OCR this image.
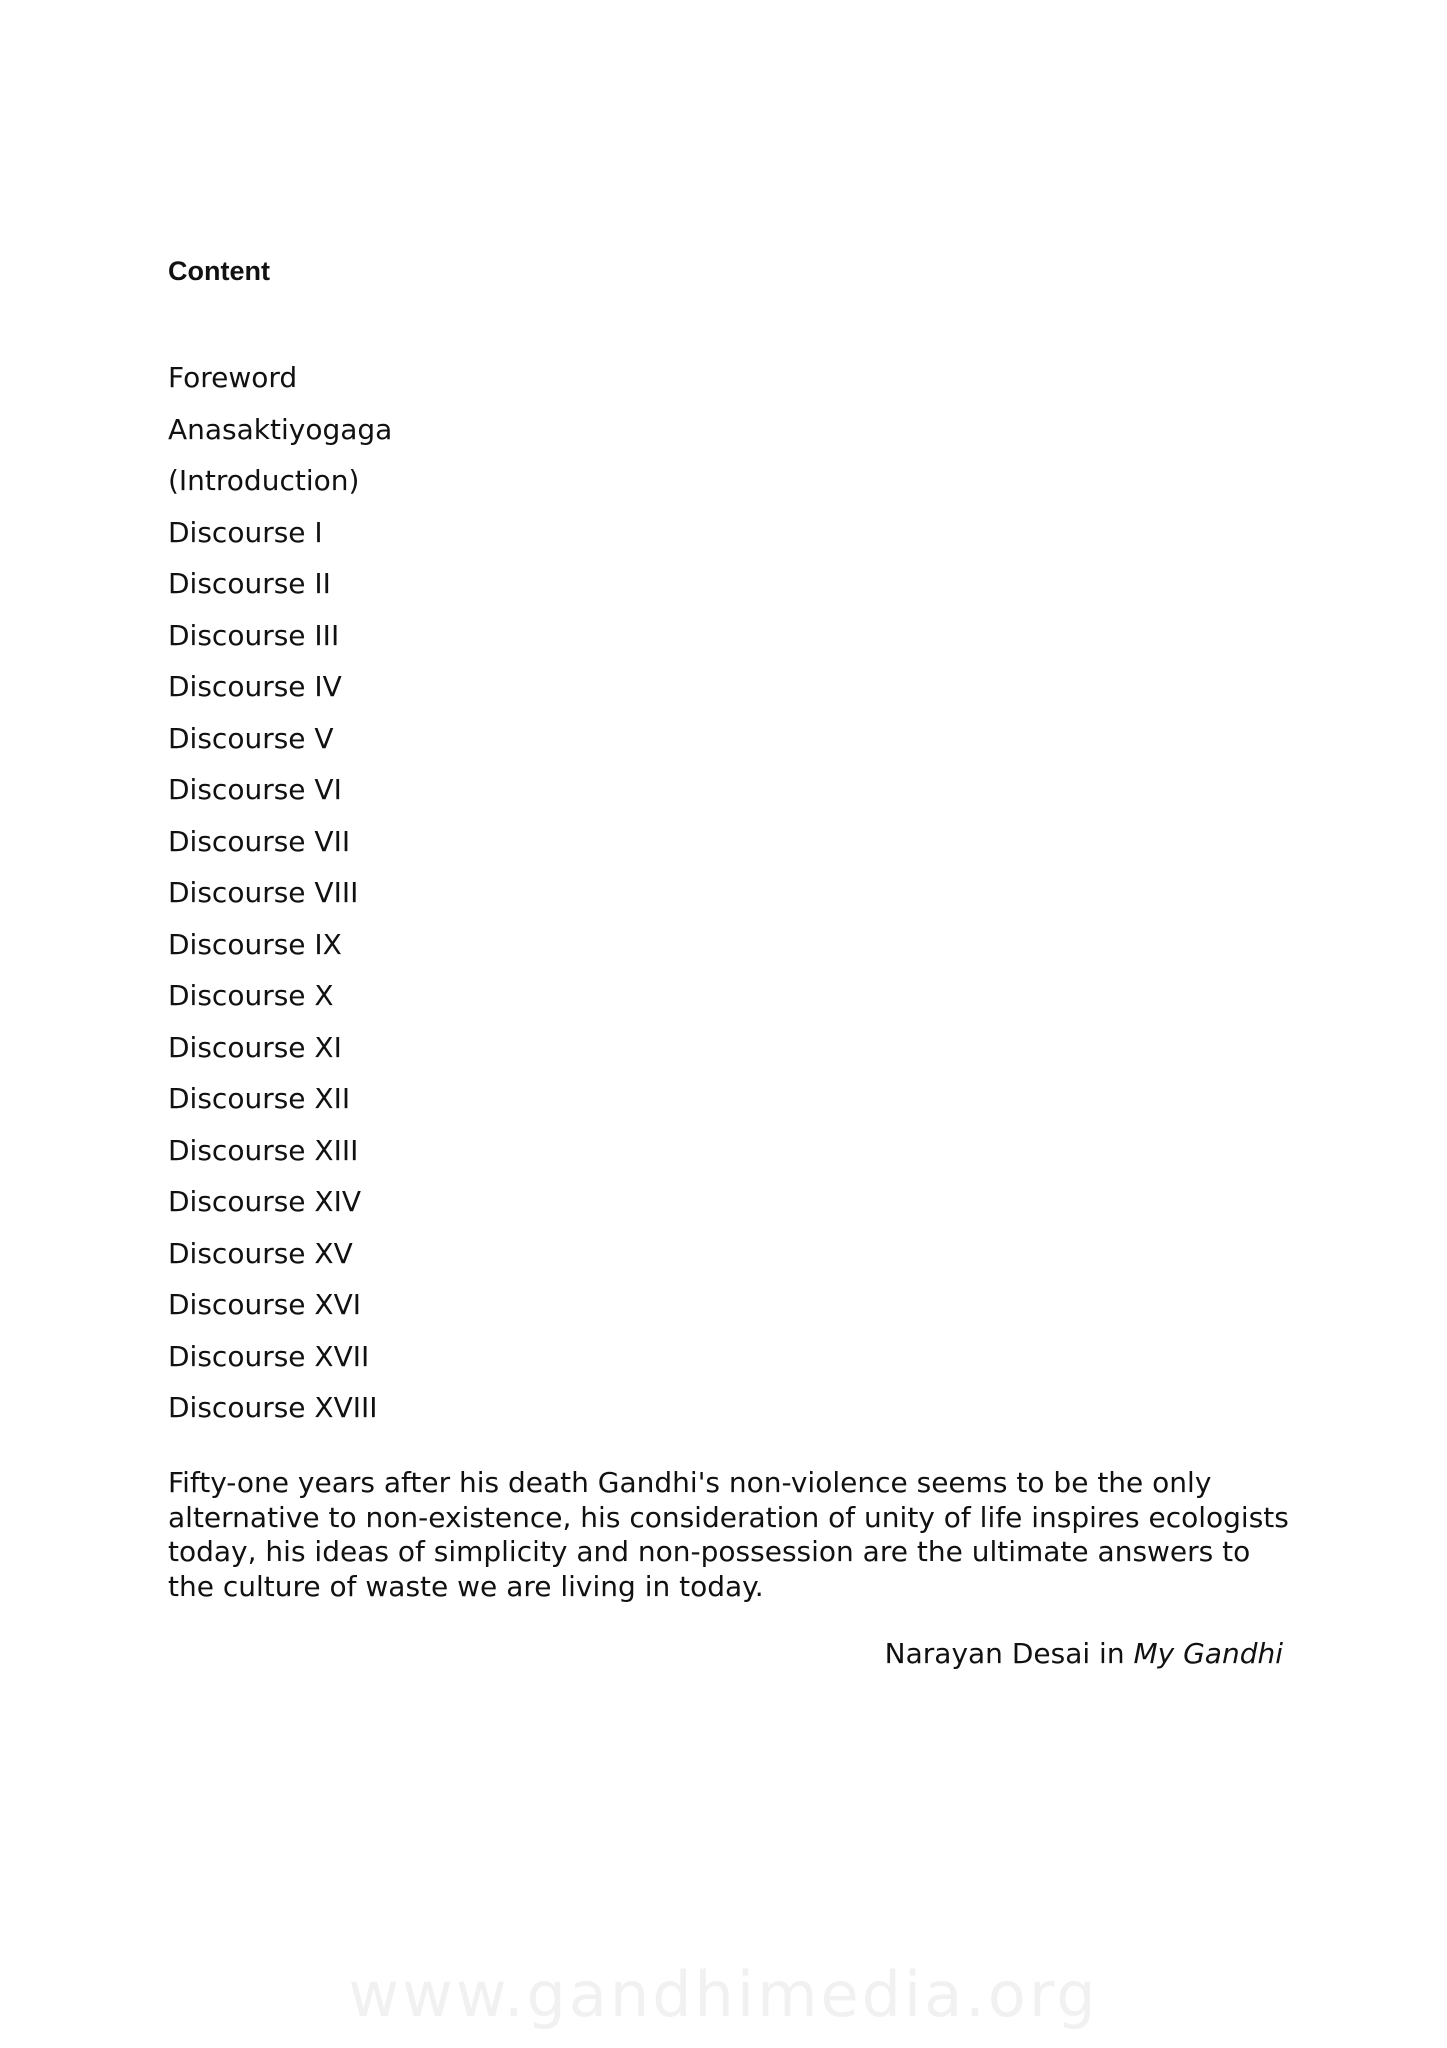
Content
Foreword
Anasaktiyogaga
(Introduction)
Discourse I
Discourse II
Discourse III
Discourse IV
Discourse V
Discourse VI
Discourse VII
Discourse VIII
Discourse IX
Discourse X
Discourse XI
Discourse XII
Discourse XIII
Discourse XIV
Discourse XV
Discourse XVI
Discourse XVII
Discourse XVIII

Fifty-one years after his death Gandhi's non-violence seems to be the only alternative to non-existence, his consideration of unity of life inspires ecologists today, his ideas of simplicity and non-possession are the ultimate answers to the culture of waste we are living in today.

Narayan Desai in My Gandhi

www.gandhimedia.org
